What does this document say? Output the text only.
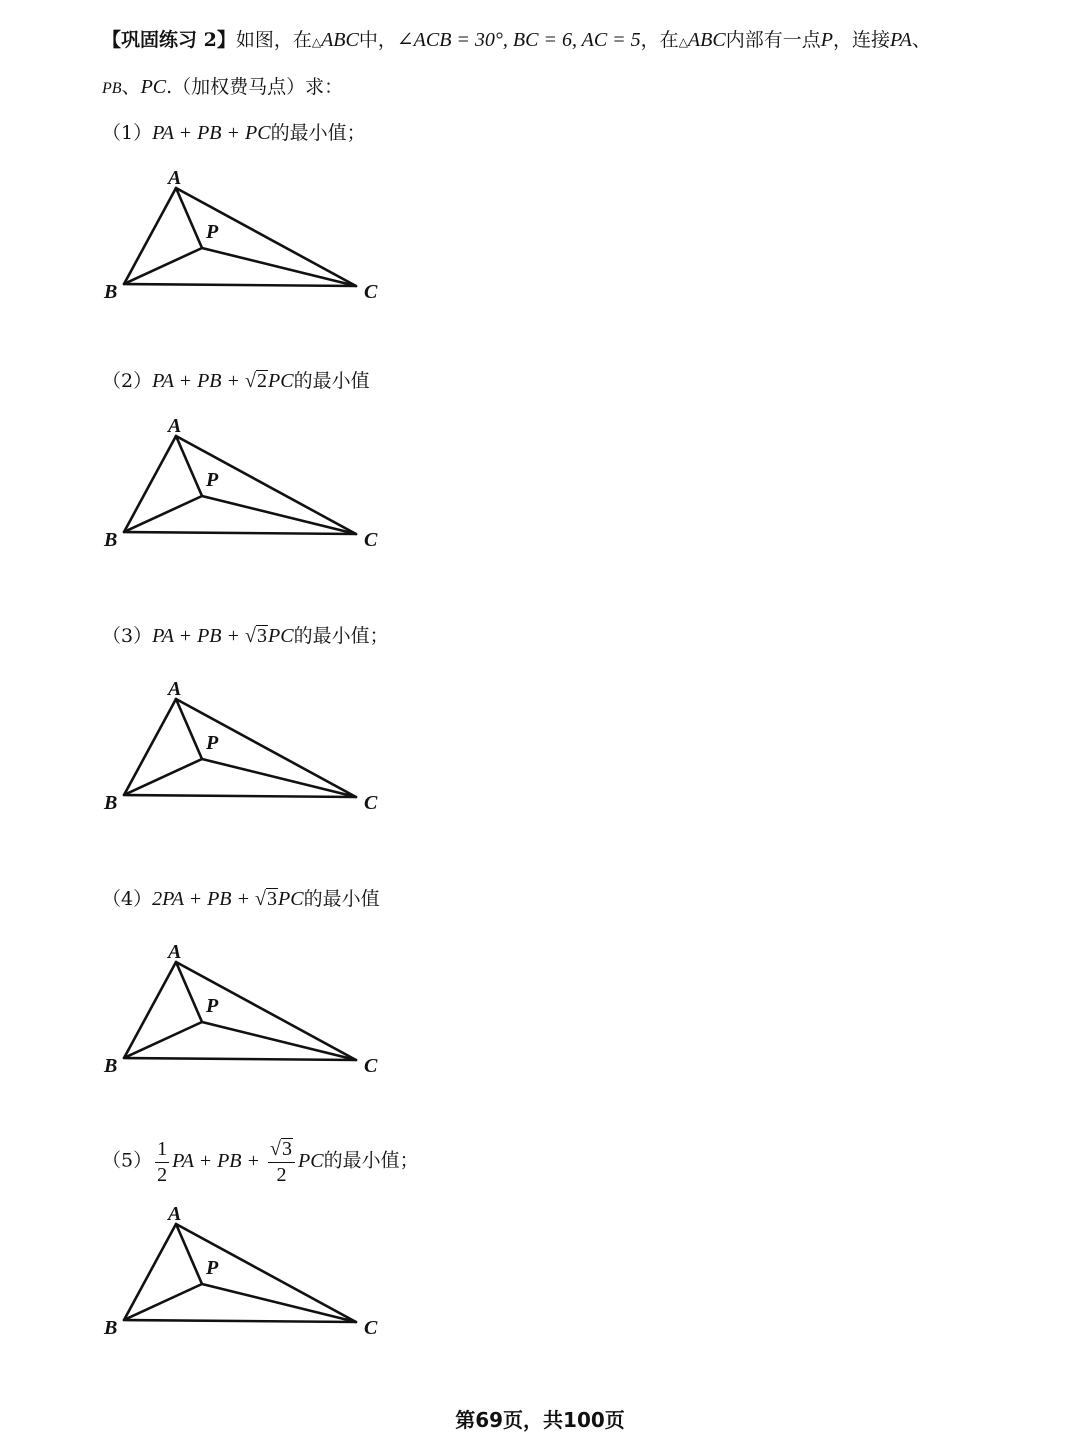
【巩固练习 2】如图，在△ABC中，∠ACB = 30°, BC = 6, AC = 5，在△ABC内部有一点P，连接PA、
PB、PC.（加权费马点）求：
（1）PA + PB + PC的最小值；
A
B	C
P
（2）PA + PB + √2PC的最小值
A
B	C
P
（3）PA + PB + √3PC的最小值；
A
B	C
P
（4）2PA + PB + √3PC的最小值
A
B	C
P
$(5) \frac{1}{2}$ PA + PB + $\frac{√3}{2}$ PC的最小值；
A
B	C
P
第69页，共100页
